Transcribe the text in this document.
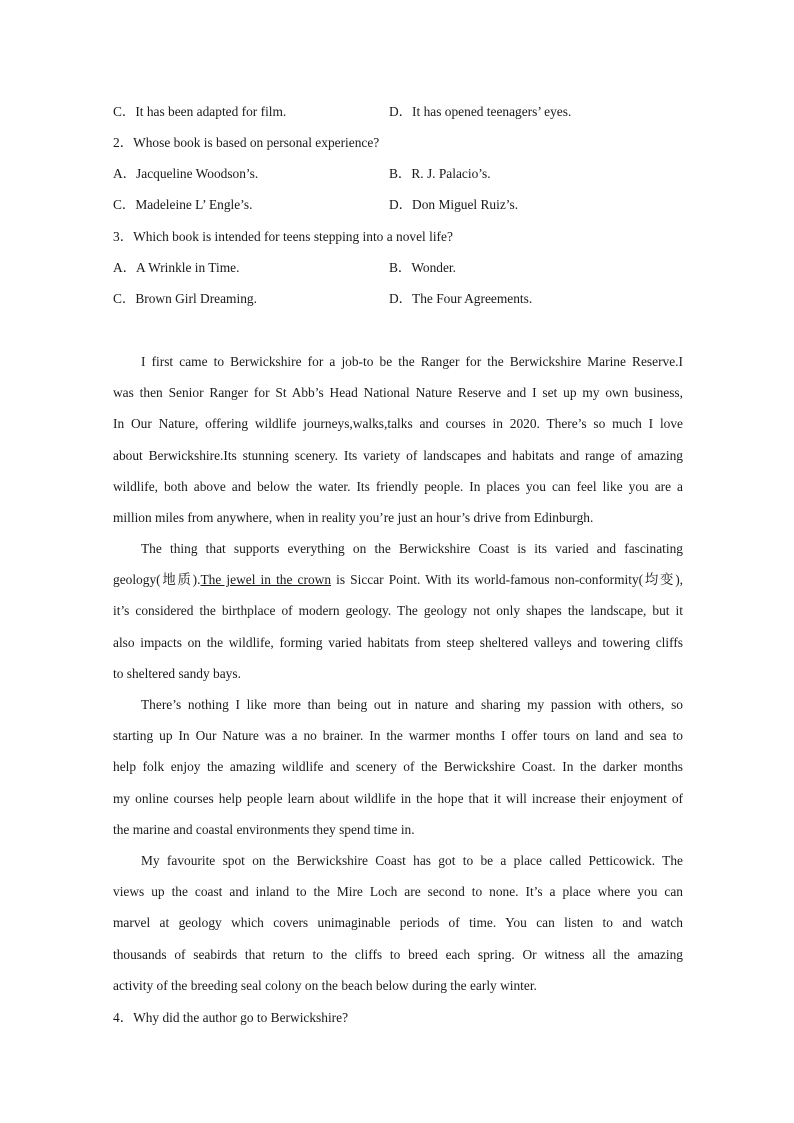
C．It has been adapted for film.	D．It has opened teenagers’ eyes.
2．Whose book is based on personal experience?
A．Jacqueline Woodson’s.	B．R. J. Palacio’s.
C．Madeleine L’ Engle’s.	D．Don Miguel Ruiz’s.
3．Which book is intended for teens stepping into a novel life?
A．A Wrinkle in Time.	B．Wonder.
C．Brown Girl Dreaming.	D．The Four Agreements.

I first came to Berwickshire for a job-to be the Ranger for the Berwickshire Marine Reserve.I

was then Senior Ranger for St Abb’s Head National Nature Reserve and I set up my own business,

In Our Nature, offering wildlife journeys,walks,talks and courses in 2020. There’s so much I love

about Berwickshire.Its stunning scenery. Its variety of landscapes and habitats and range of amazing

wildlife, both above and below the water. Its friendly people. In places you can feel like you are a

million miles from anywhere, when in reality you’re just an hour’s drive from Edinburgh.

The thing that supports everything on the Berwickshire Coast is its varied and fascinating

geology(地质).The jewel in the crown is Siccar Point. With its world-famous non-conformity(均变),

it’s considered the birthplace of modern geology. The geology not only shapes the landscape, but it

also impacts on the wildlife, forming varied habitats from steep sheltered valleys and towering cliffs

to sheltered sandy bays.

There’s nothing I like more than being out in nature and sharing my passion with others, so

starting up In Our Nature was a no brainer. In the warmer months I offer tours on land and sea to

help folk enjoy the amazing wildlife and scenery of the Berwickshire Coast. In the darker months

my online courses help people learn about wildlife in the hope that it will increase their enjoyment of

the marine and coastal environments they spend time in.

My favourite spot on the Berwickshire Coast has got to be a place called Petticowick. The

views up the coast and inland to the Mire Loch are second to none. It’s a place where you can

marvel at geology which covers unimaginable periods of time. You can listen to and watch

thousands of seabirds that return to the cliffs to breed each spring. Or witness all the amazing

activity of the breeding seal colony on the beach below during the early winter.

4．Why did the author go to Berwickshire?
